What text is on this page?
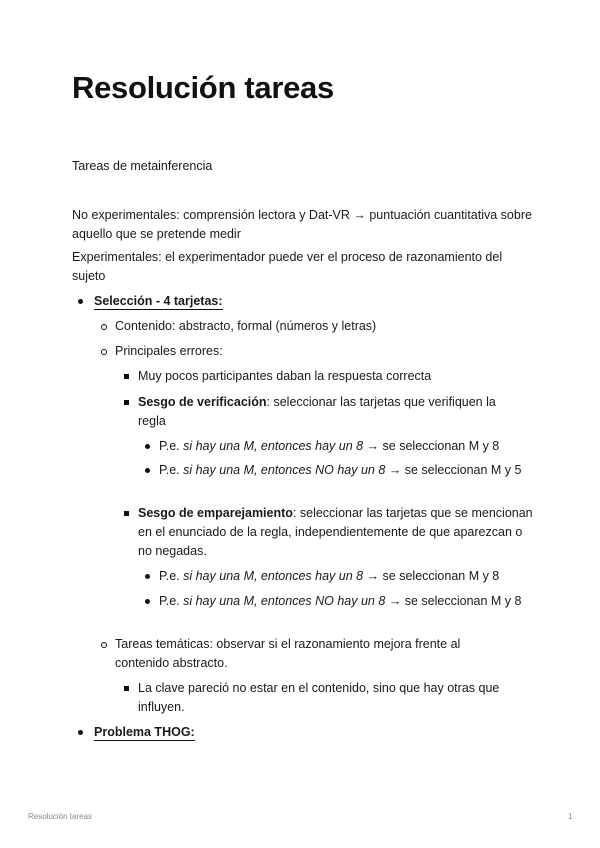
Resolución tareas

Tareas de metainferencia

No experimentales: comprensión lectora y Dat-VR → puntuación cuantitativa sobre aquello que se pretende medir

Experimentales: el experimentador puede ver el proceso de razonamiento del sujeto

Selección - 4 tarjetas:
Contenido: abstracto, formal (números y letras)
Principales errores:
Muy pocos participantes daban la respuesta correcta
Sesgo de verificación: seleccionar las tarjetas que verifiquen la regla
P.e. si hay una M, entonces hay un 8 → se seleccionan M y 8
P.e. si hay una M, entonces NO hay un 8 → se seleccionan M y 5
Sesgo de emparejamiento: seleccionar las tarjetas que se mencionan en el enunciado de la regla, independientemente de que aparezcan o no negadas.
P.e. si hay una M, entonces hay un 8 → se seleccionan M y 8
P.e. si hay una M, entonces NO hay un 8 → se seleccionan M y 8
Tareas temáticas: observar si el razonamiento mejora frente al contenido abstracto.
La clave pareció no estar en el contenido, sino que hay otras que influyen.
Problema THOG:
Resolución tareas	1
